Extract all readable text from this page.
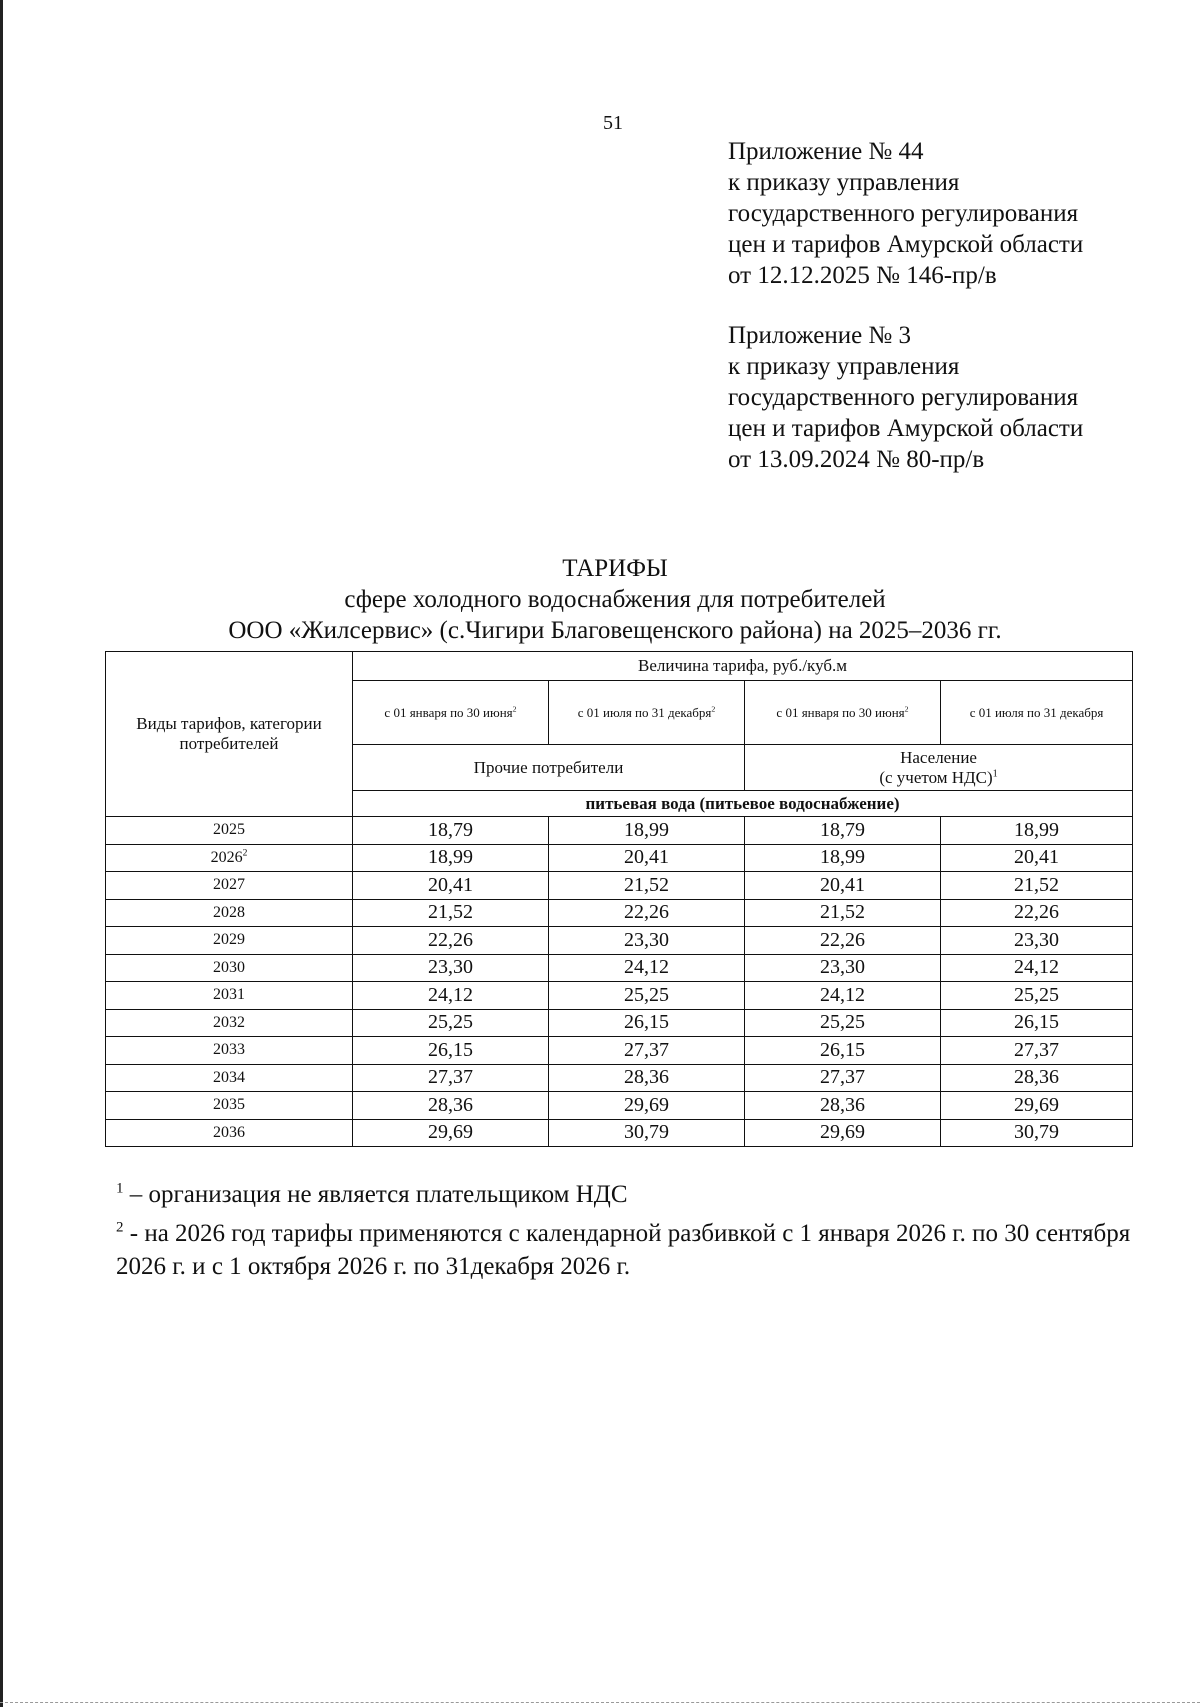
51
Приложение № 44
к приказу управления
государственного регулирования
цен и тарифов Амурской области
от 12.12.2025 № 146-пр/в
Приложение № 3
к приказу управления
государственного регулирования
цен и тарифов Амурской области
от 13.09.2024 № 80-пр/в
ТАРИФЫ
сфере холодного водоснабжения для потребителей
ООО «Жилсервис» (с.Чигири Благовещенского района) на 2025–2036 гг.
Виды тарифов, категории потребителей	Величина тарифа, руб./куб.м			
	с 01 января по 30 июня$^2$	с 01 июля по 31 декабря$^2$	с 01 января по 30 июня$^2$	с 01 июля по 31 декабря
	Прочие потребители		Население
(с учетом НДС)$^1$

	питьевая вода (питьевое водоснабжение)			
2025	18,79	18,99	18,79	18,99
2026$^2$	18,99	20,41	18,99	20,41
2027	20,41	21,52	20,41	21,52
2028	21,52	22,26	21,52	22,26
2029	22,26	23,30	22,26	23,30
2030	23,30	24,12	23,30	24,12
2031	24,12	25,25	24,12	25,25
2032	25,25	26,15	25,25	26,15
2033	26,15	27,37	26,15	27,37
2034	27,37	28,36	27,37	28,36
2035	28,36	29,69	28,36	29,69
2036	29,69	30,79	29,69	30,79

$^1$ – организация не является плательщиком НДС

$^2$ - на 2026 год тарифы применяются с календарной разбивкой с 1 января 2026 г. по 30 сентября 2026 г. и с 1 октября 2026 г. по 31декабря 2026 г.
